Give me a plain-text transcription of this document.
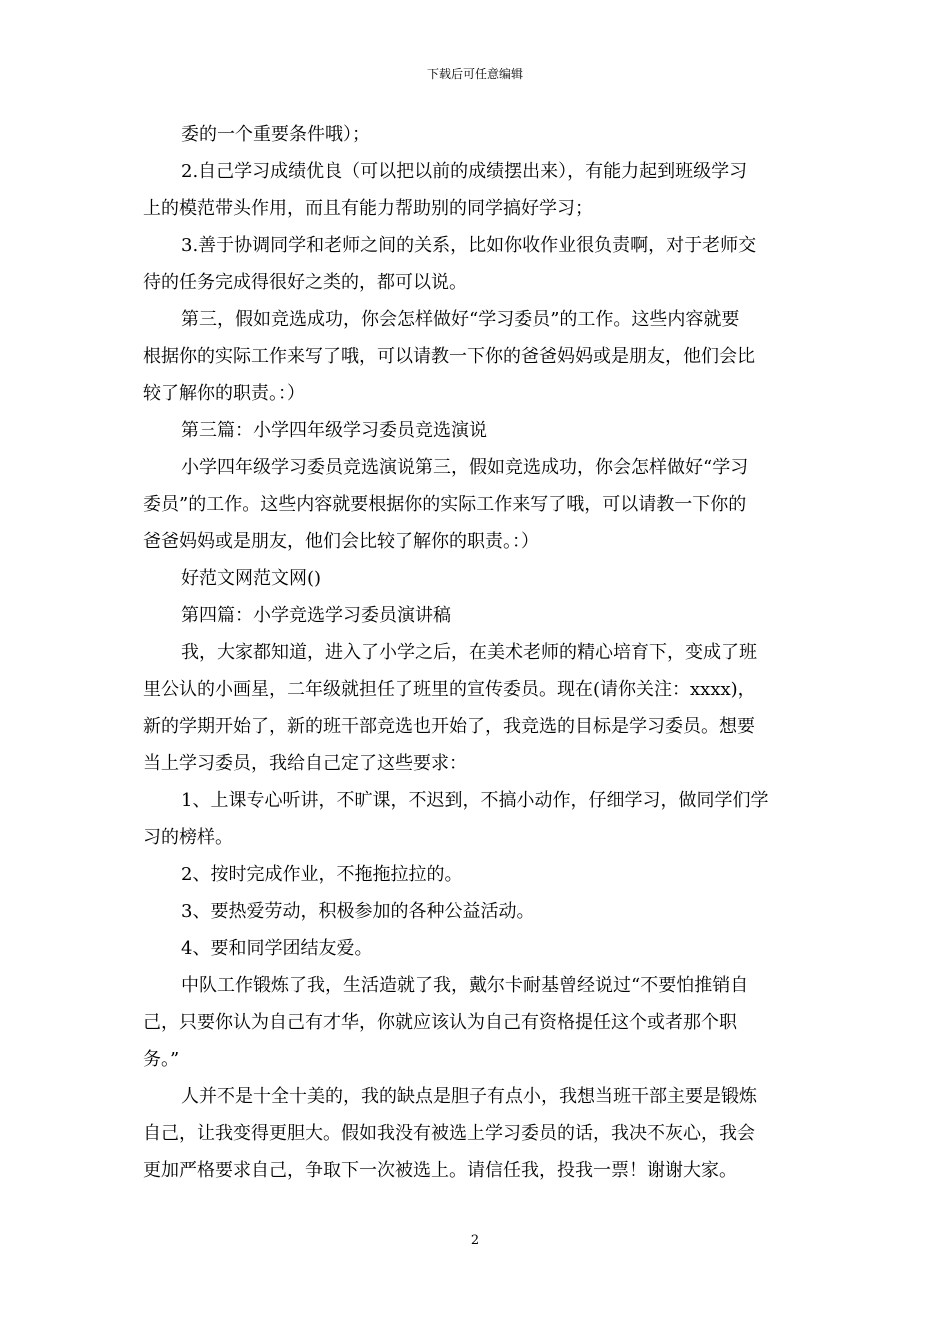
下载后可任意编辑

委的一个重要条件哦）；

2.自己学习成绩优良（可以把以前的成绩摆出来），有能力起到班级学习

上的模范带头作用，而且有能力帮助别的同学搞好学习；

3.善于协调同学和老师之间的关系，比如你收作业很负责啊，对于老师交

待的任务完成得很好之类的，都可以说。

第三，假如竞选成功，你会怎样做好“学习委员”的工作。这些内容就要

根据你的实际工作来写了哦，可以请教一下你的爸爸妈妈或是朋友，他们会比

较了解你的职责。：）

第三篇：小学四年级学习委员竞选演说

小学四年级学习委员竞选演说第三，假如竞选成功，你会怎样做好“学习

委员”的工作。这些内容就要根据你的实际工作来写了哦，可以请教一下你的

爸爸妈妈或是朋友，他们会比较了解你的职责。：）

好范文网范文网()

第四篇：小学竞选学习委员演讲稿

我，大家都知道，进入了小学之后，在美术老师的精心培育下，变成了班

里公认的小画星，二年级就担任了班里的宣传委员。现在(请你关注：xxxx)，

新的学期开始了，新的班干部竞选也开始了，我竞选的目标是学习委员。想要

当上学习委员，我给自己定了这些要求：

1、上课专心听讲，不旷课，不迟到，不搞小动作，仔细学习，做同学们学

习的榜样。

2、按时完成作业，不拖拖拉拉的。

3、要热爱劳动，积极参加的各种公益活动。

4、要和同学团结友爱。

中队工作锻炼了我，生活造就了我，戴尔卡耐基曾经说过“不要怕推销自

己，只要你认为自己有才华，你就应该认为自己有资格提任这个或者那个职

务。”

人并不是十全十美的，我的缺点是胆子有点小，我想当班干部主要是锻炼

自己，让我变得更胆大。假如我没有被选上学习委员的话，我决不灰心，我会

更加严格要求自己，争取下一次被选上。请信任我，投我一票！谢谢大家。

2
